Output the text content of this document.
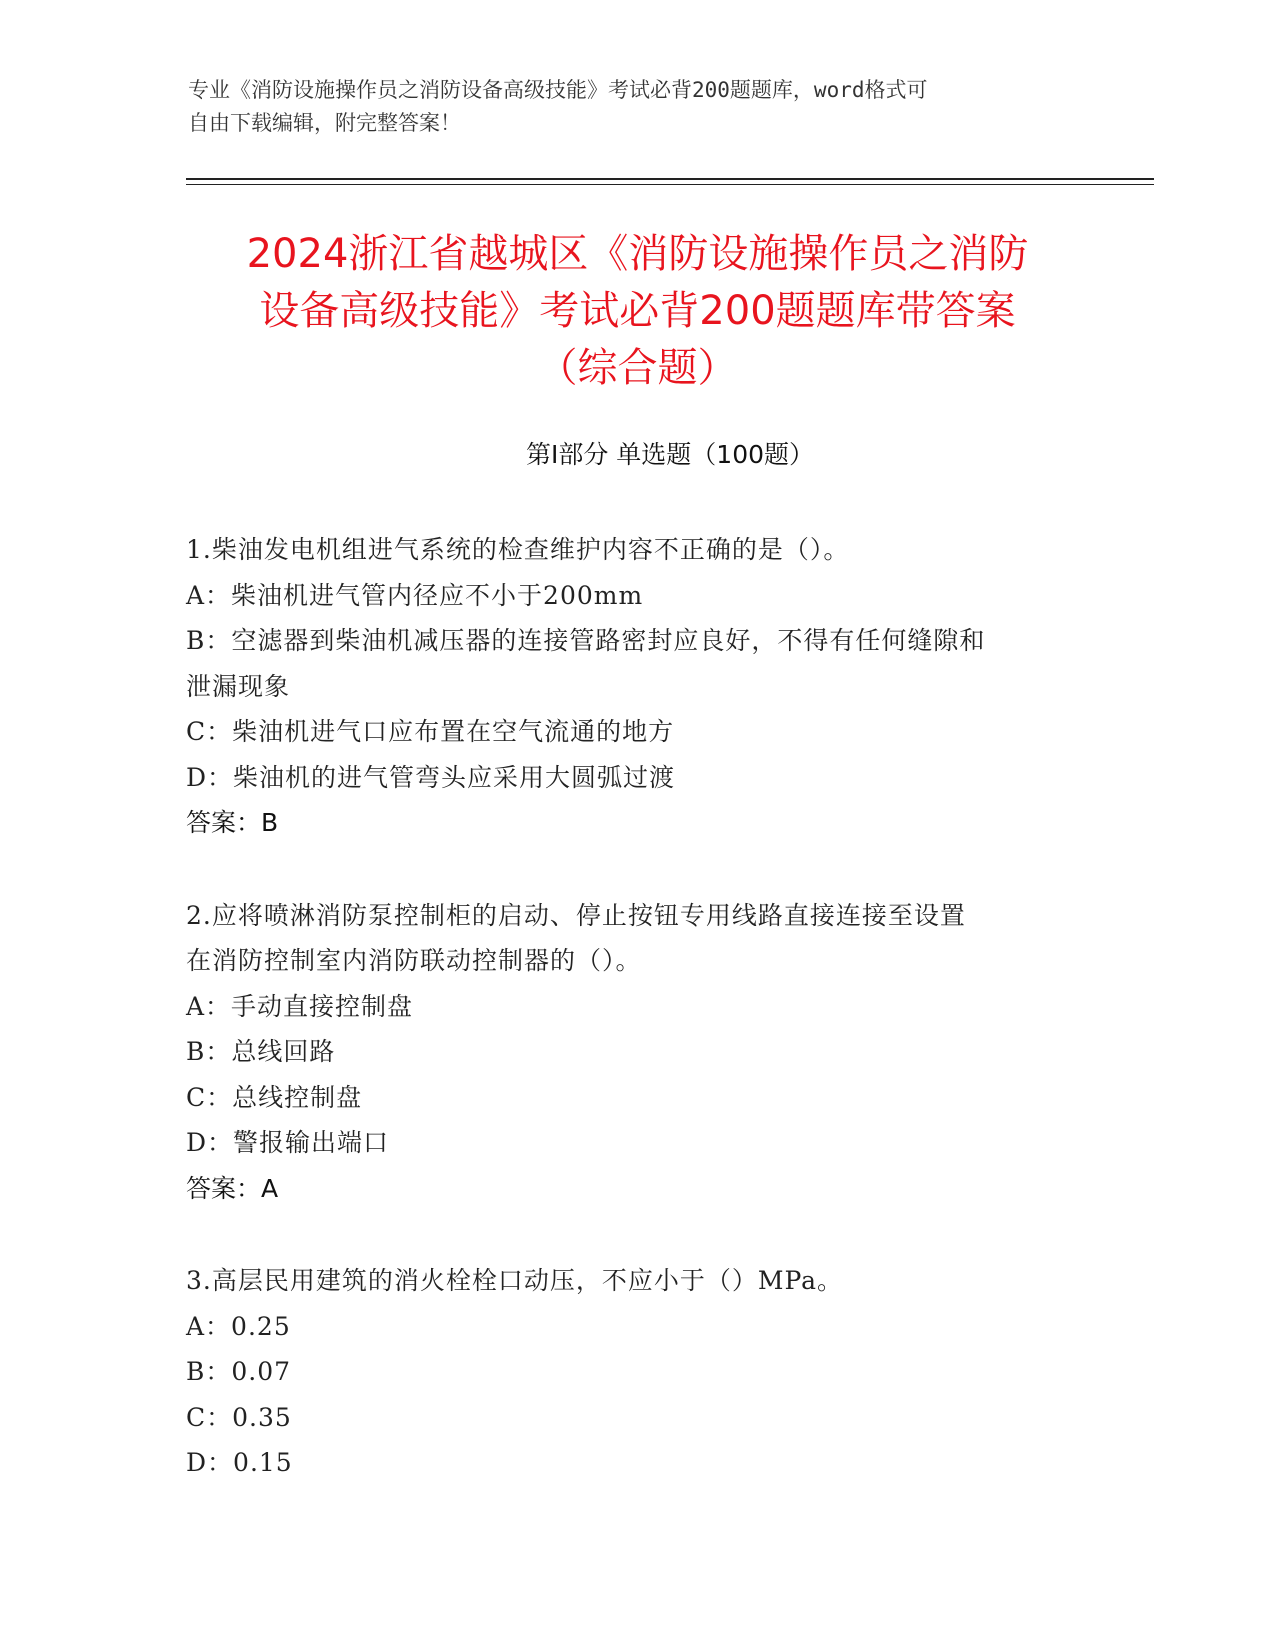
专业《消防设施操作员之消防设备高级技能》考试必背200题题库，word格式可
自由下载编辑，附完整答案！
2024浙江省越城区《消防设施操作员之消防
设备高级技能》考试必背200题题库带答案
（综合题）
第I部分 单选题（100题）
1.柴油发电机组进气系统的检查维护内容不正确的是（）。
A：柴油机进气管内径应不小于200mm
B：空滤器到柴油机减压器的连接管路密封应良好，不得有任何缝隙和
泄漏现象
C：柴油机进气口应布置在空气流通的地方
D：柴油机的进气管弯头应采用大圆弧过渡
答案：B
2.应将喷淋消防泵控制柜的启动、停止按钮专用线路直接连接至设置
在消防控制室内消防联动控制器的（）。
A：手动直接控制盘
B：总线回路
C：总线控制盘
D：警报输出端口
答案：A
3.高层民用建筑的消火栓栓口动压，不应小于（）MPa。
A：0.25
B：0.07
C：0.35
D：0.15
